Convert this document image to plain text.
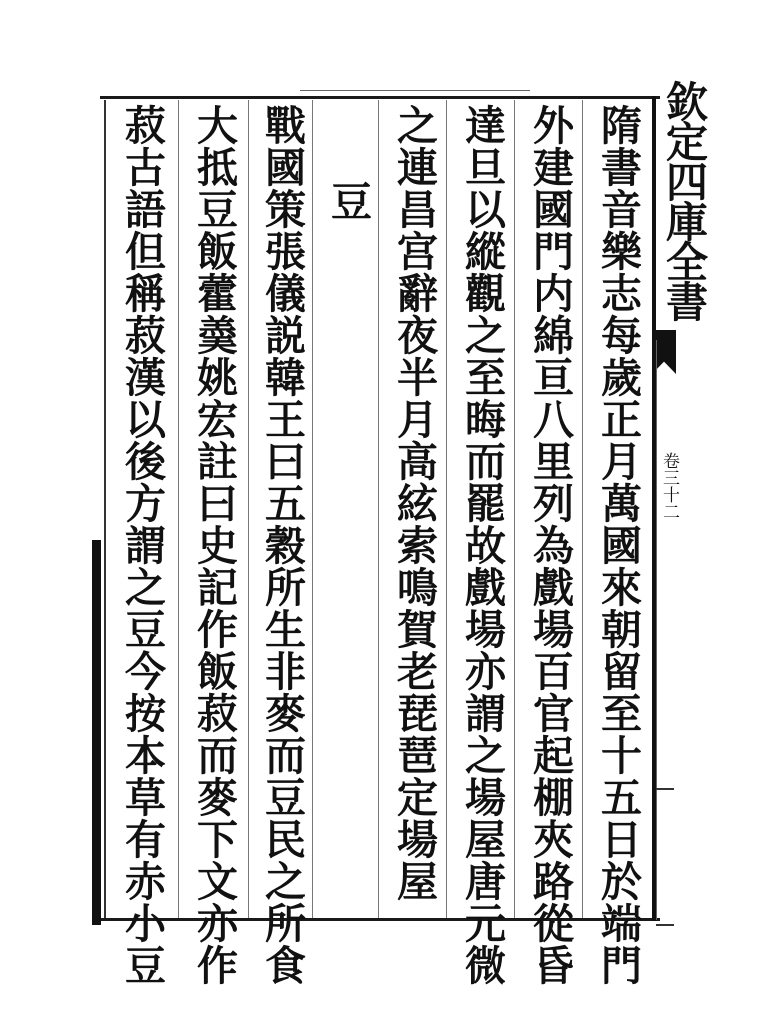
欽定四庫全書
卷三十二
隋書音樂志每歲正月萬國來朝留至十五日於端門
外建國門内綿亘八里列為戲場百官起棚夾路從昏
達旦以縱觀之至晦而罷故戲場亦謂之場屋唐元微
之連昌宫辭夜半月高絃索鳴賀老琵琶定場屋
豆
戰國策張儀説韓王曰五穀所生非麥而豆民之所食
大抵豆飯藿羮姚宏註曰史記作飯菽而麥下文亦作
菽古語但稱菽漢以後方謂之豆今按本草有赤小豆
